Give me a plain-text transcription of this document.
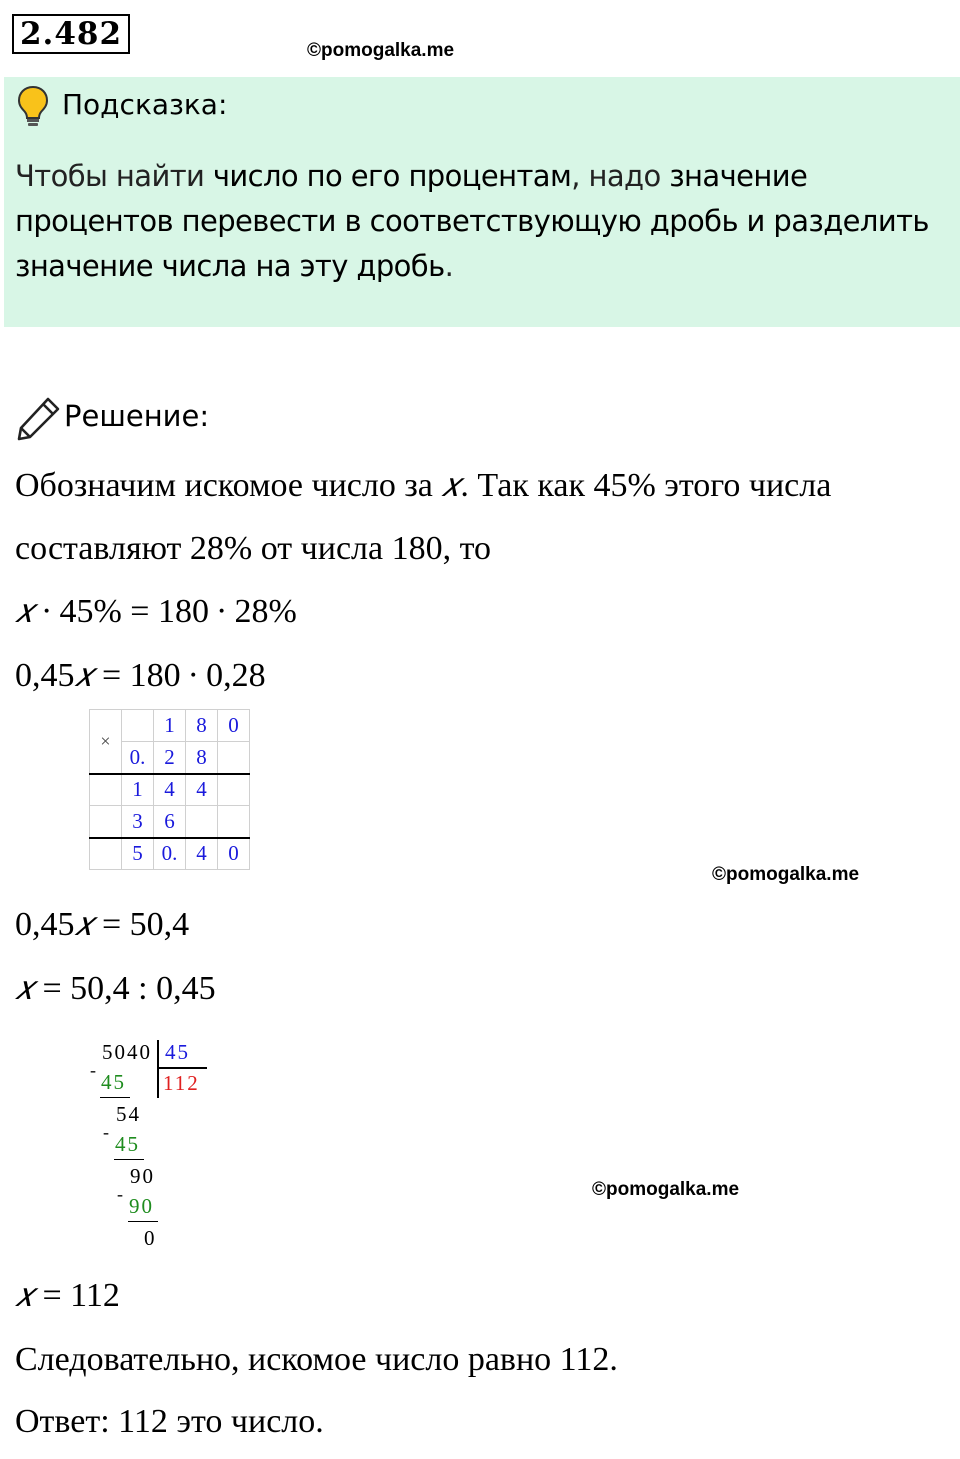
2.482	©pomogalka.me
Подсказка:
Чтобы найти число по его процентам, надо значение процентов перевести в соответствующую дробь и разделить значение числа на эту дробь.
Решение:
Обозначим искомое число за 𝑥. Так как 45% этого числа
составляют 28% от числа 180, то
𝑥 ∙ 45% = 180 ∙ 28%
0,45𝑥 = 180 ∙ 0,28
×		1	8	0
	0.	2	8	
	1	4	4	
	3	6		
	5	0.	4	0
©pomogalka.me
0,45𝑥 = 50,4
𝑥 = 50,4 : 0,45
5040 45
112
- 45
54
- 45
90
- 90
0
©pomogalka.me
𝑥 = 112
Следовательно, искомое число равно 112.
Ответ: 112 это число.
